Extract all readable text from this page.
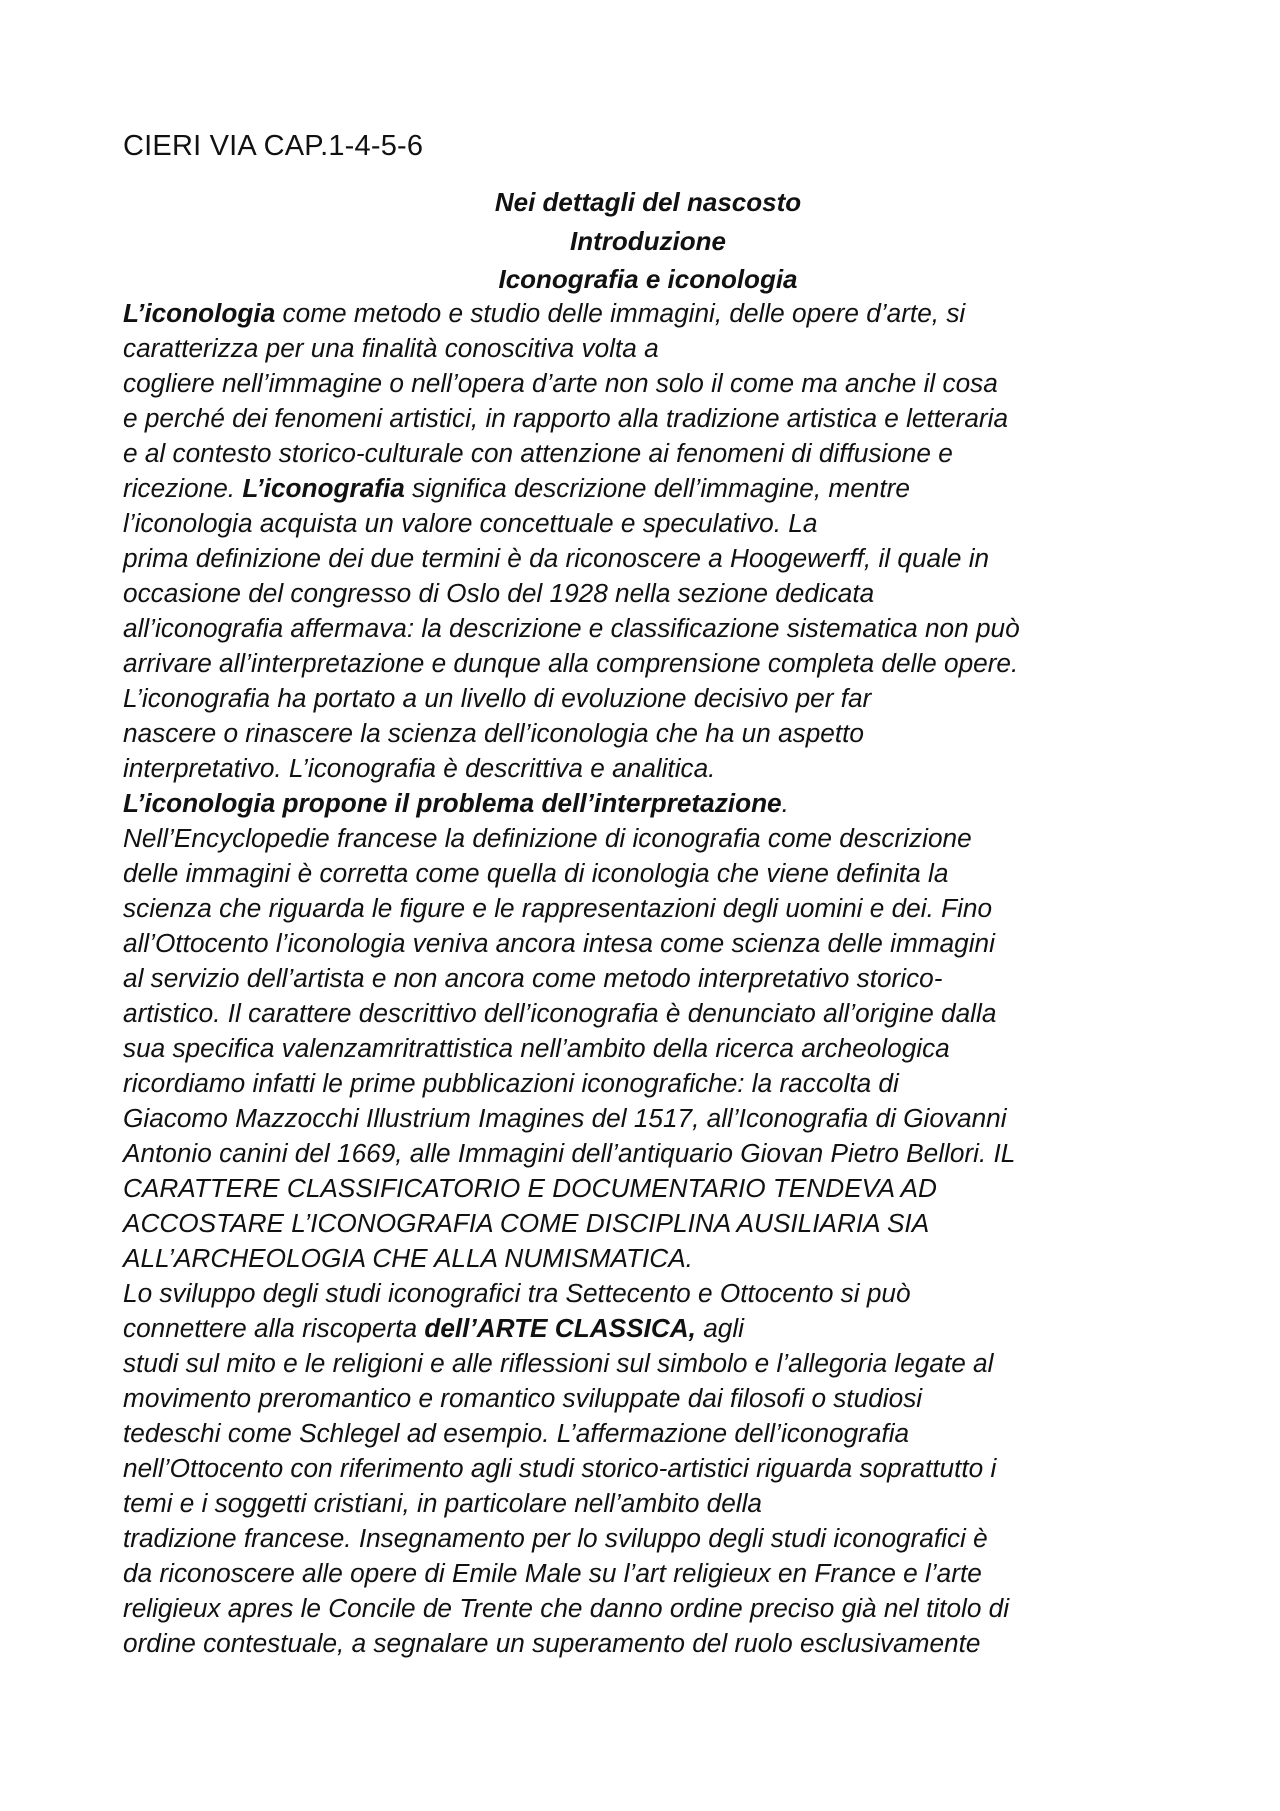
CIERI VIA CAP.1-4-5-6
Nei dettagli del nascosto
Introduzione
Iconografia e iconologia
L’iconologia come metodo e studio delle immagini, delle opere d’arte, si
caratterizza per una finalità conoscitiva volta a
cogliere nell’immagine o nell’opera d’arte non solo il come ma anche il cosa
e perché dei fenomeni artistici, in rapporto alla tradizione artistica e letteraria
e al contesto storico-culturale con attenzione ai fenomeni di diffusione e
ricezione. L’iconografia significa descrizione dell’immagine, mentre
l’iconologia acquista un valore concettuale e speculativo. La
prima definizione dei due termini è da riconoscere a Hoogewerff, il quale in
occasione del congresso di Oslo del 1928 nella sezione dedicata
all’iconografia affermava: la descrizione e classificazione sistematica non può
arrivare all’interpretazione e dunque alla comprensione completa delle opere.
L’iconografia ha portato a un livello di evoluzione decisivo per far
nascere o rinascere la scienza dell’iconologia che ha un aspetto
interpretativo. L’iconografia è descrittiva e analitica.
L’iconologia propone il problema dell’interpretazione.
Nell’Encyclopedie francese la definizione di iconografia come descrizione
delle immagini è corretta come quella di iconologia che viene definita la
scienza che riguarda le figure e le rappresentazioni degli uomini e dei. Fino
all’Ottocento l’iconologia veniva ancora intesa come scienza delle immagini
al servizio dell’artista e non ancora come metodo interpretativo storico-
artistico. Il carattere descrittivo dell’iconografia è denunciato all’origine dalla
sua specifica valenzamritrattistica nell’ambito della ricerca archeologica
ricordiamo infatti le prime pubblicazioni iconografiche: la raccolta di
Giacomo Mazzocchi Illustrium Imagines del 1517, all’Iconografia di Giovanni
Antonio canini del 1669, alle Immagini dell’antiquario Giovan Pietro Bellori. IL
CARATTERE CLASSIFICATORIO E DOCUMENTARIO TENDEVA AD
ACCOSTARE L’ICONOGRAFIA COME DISCIPLINA AUSILIARIA SIA
ALL’ARCHEOLOGIA CHE ALLA NUMISMATICA.
Lo sviluppo degli studi iconografici tra Settecento e Ottocento si può
connettere alla riscoperta dell’ARTE CLASSICA, agli
studi sul mito e le religioni e alle riflessioni sul simbolo e l’allegoria legate al
movimento preromantico e romantico sviluppate dai filosofi o studiosi
tedeschi come Schlegel ad esempio. L’affermazione dell’iconografia
nell’Ottocento con riferimento agli studi storico-artistici riguarda soprattutto i
temi e i soggetti cristiani, in particolare nell’ambito della
tradizione francese. Insegnamento per lo sviluppo degli studi iconografici è
da riconoscere alle opere di Emile Male su l’art religieux en France e l’arte
religieux apres le Concile de Trente che danno ordine preciso già nel titolo di
ordine contestuale, a segnalare un superamento del ruolo esclusivamente
